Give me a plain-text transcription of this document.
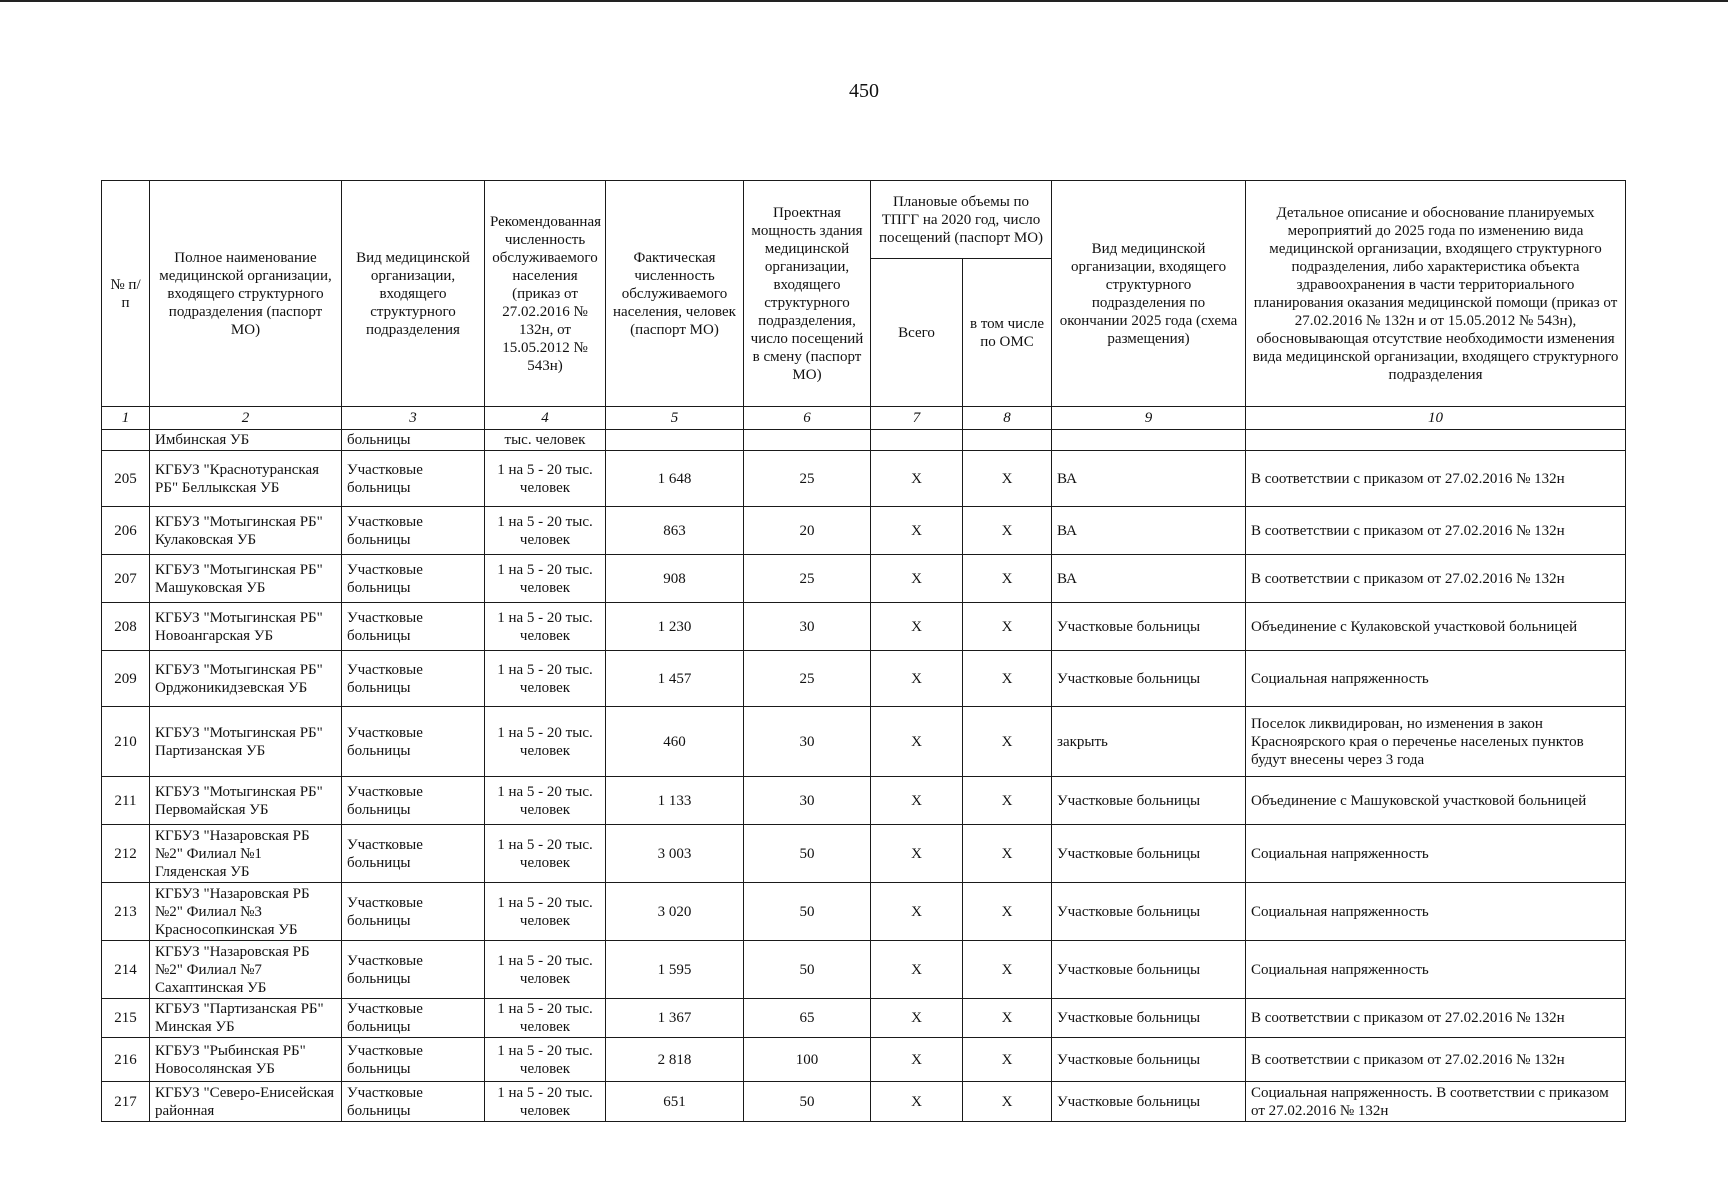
450
№ п/п	Полное наименование медицинской организации, входящего структурного подразделения (паспорт МО)	Вид медицинской организации, входящего структурного подразделения	Рекомендованная численность обслуживаемого населения (приказ от 27.02.2016 № 132н, от 15.05.2012 № 543н)	Фактическая численность обслуживаемого населения, человек (паспорт МО)	Проектная мощность здания медицинской организации, входящего структурного подразделения, число посещений в смену (паспорт МО)	Плановые объемы по ТПГГ на 2020 год, число посещений (паспорт МО)		Вид медицинской организации, входящего структурного подразделения по окончании 2025 года (схема размещения)	Детальное описание и обоснование планируемых мероприятий до 2025 года по изменению вида медицинской организации, входящего структурного подразделения, либо характеристика объекта здравоохранения в части территориального планирования оказания медицинской помощи (приказ от 27.02.2016 № 132н и от 15.05.2012 № 543н), обосновывающая отсутствие необходимости изменения вида медицинской организации, входящего структурного подразделения
						Всего	в том числе по ОМС		
1	2	3	4	5	6	7	8	9	10
	Имбинская УБ	больницы	тыс. человек						
205	КГБУЗ "Краснотуранская РБ" Беллыкская УБ	Участковые больницы	1 на 5 - 20 тыс. человек	1 648	25	Х	Х	ВА	В соответствии с приказом от 27.02.2016 № 132н
206	КГБУЗ "Мотыгинская РБ" Кулаковская УБ	Участковые больницы	1 на 5 - 20 тыс. человек	863	20	Х	Х	ВА	В соответствии с приказом от 27.02.2016 № 132н
207	КГБУЗ "Мотыгинская РБ" Машуковская УБ	Участковые больницы	1 на 5 - 20 тыс. человек	908	25	Х	Х	ВА	В соответствии с приказом от 27.02.2016 № 132н
208	КГБУЗ "Мотыгинская РБ" Новоангарская УБ	Участковые больницы	1 на 5 - 20 тыс. человек	1 230	30	Х	Х	Участковые больницы	Объединение с Кулаковской участковой больницей
209	КГБУЗ "Мотыгинская РБ" Орджоникидзевская УБ	Участковые больницы	1 на 5 - 20 тыс. человек	1 457	25	Х	Х	Участковые больницы	Социальная напряженность
210	КГБУЗ "Мотыгинская РБ" Партизанская УБ	Участковые больницы	1 на 5 - 20 тыс. человек	460	30	Х	Х	закрыть	Поселок ликвидирован, но изменения в закон Красноярского края о переченье населеных пунктов будут внесены через 3 года
211	КГБУЗ "Мотыгинская РБ" Первомайская УБ	Участковые больницы	1 на 5 - 20 тыс. человек	1 133	30	Х	Х	Участковые больницы	Объединение с Машуковской участковой больницей
212	КГБУЗ "Назаровская РБ №2" Филиал №1 Гляденская УБ	Участковые больницы	1 на 5 - 20 тыс. человек	3 003	50	Х	Х	Участковые больницы	Социальная напряженность
213	КГБУЗ "Назаровская РБ №2" Филиал №3 Красносопкинская УБ	Участковые больницы	1 на 5 - 20 тыс. человек	3 020	50	Х	Х	Участковые больницы	Социальная напряженность
214	КГБУЗ "Назаровская РБ №2" Филиал №7 Сахаптинская УБ	Участковые больницы	1 на 5 - 20 тыс. человек	1 595	50	Х	Х	Участковые больницы	Социальная напряженность
215	КГБУЗ "Партизанская РБ" Минская УБ	Участковые больницы	1 на 5 - 20 тыс. человек	1 367	65	Х	Х	Участковые больницы	В соответствии с приказом от 27.02.2016 № 132н
216	КГБУЗ "Рыбинская РБ" Новосолянская УБ	Участковые больницы	1 на 5 - 20 тыс. человек	2 818	100	Х	Х	Участковые больницы	В соответствии с приказом от 27.02.2016 № 132н
217	КГБУЗ "Северо-Енисейская районная	Участковые больницы	1 на 5 - 20 тыс. человек	651	50	Х	Х	Участковые больницы	Социальная напряженность. В соответствии с приказом от 27.02.2016 № 132н
